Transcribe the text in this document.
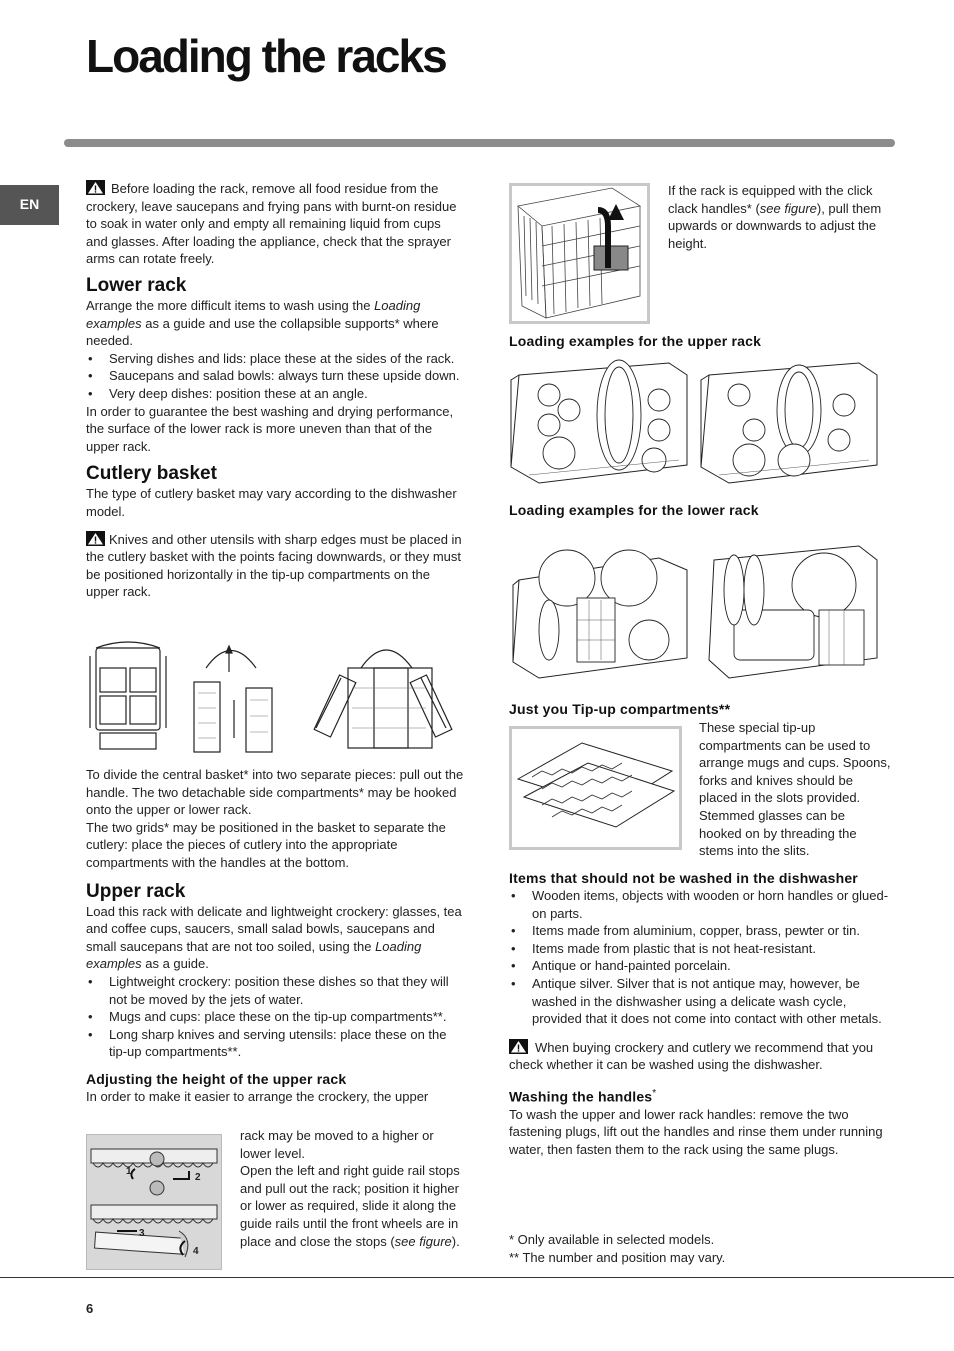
Loading the racks
EN

Before loading the rack, remove all food residue from the crockery, leave saucepans and frying pans with burnt-on residue to soak in water only and empty all remaining liquid from cups and glasses. After loading the appliance, check that the sprayer arms can rotate freely.

Lower rack

Arrange the more difficult items to wash using the Loading examples as a guide and use the collapsible supports* where needed.

• Serving dishes and lids: place these at the sides of the rack.
• Saucepans and salad bowls: always turn these upside down.
• Very deep dishes: position these at an angle.

In order to guarantee the best washing and drying performance, the surface of the lower rack is more uneven than that of the upper rack.

Cutlery basket

The type of cutlery basket may vary according to the dishwasher model.

Knives and other utensils with sharp edges must be placed in the cutlery basket with the points facing downwards, or they must be positioned horizontally in the tip-up compartments on the upper rack.

To divide the central basket* into two separate pieces: pull out the handle. The two detachable side compartments* may be hooked onto the upper or lower rack.

The two grids* may be positioned in the basket to separate the cutlery: place the pieces of cutlery into the appropriate compartments with the handles at the bottom.

Upper rack

Load this rack with delicate and lightweight crockery: glasses, tea and coffee cups, saucers, small salad bowls, saucepans and small saucepans that are not too soiled, using the Loading examples as a guide.

• Lightweight crockery: position these dishes so that they will not be moved by the jets of water.
• Mugs and cups: place these on the tip-up compartments**.
• Long sharp knives and serving utensils: place these on the tip-up compartments**.
Adjusting the height of the upper rack

In order to make it easier to arrange the crockery, the upper

1
2
3
4

rack may be moved to a higher or lower level.

Open the left and right guide rail stops and pull out the rack; position it higher or lower as required, slide it along the guide rails until the front wheels are in place and close the stops (see figure).

If the rack is equipped with the click clack handles* (see figure), pull them upwards or downwards to adjust the height.

Loading examples for the upper rack
Loading examples for the lower rack
Just you Tip-up compartments**

These special tip-up compartments can be used to arrange mugs and cups. Spoons, forks and knives should be placed in the slots provided. Stemmed glasses can be hooked on by threading the stems into the slits.

Items that should not be washed in the dishwasher
• Wooden items, objects with wooden or horn handles or glued-on parts.
• Items made from aluminium, copper, brass, pewter or tin.
• Items made from plastic that is not heat-resistant.
• Antique or hand-painted porcelain.
• Antique silver. Silver that is not antique may, however, be washed in the dishwasher using a delicate wash cycle, provided that it does not come into contact with other metals.

When buying crockery and cutlery we recommend that you check whether it can be washed using the dishwasher.

Washing the handles*

To wash the upper and lower rack handles: remove the two fastening plugs, lift out the handles and rinse them under running water, then fasten them to the rack using the same plugs.

* Only available in selected models.

** The number and position may vary.

6
